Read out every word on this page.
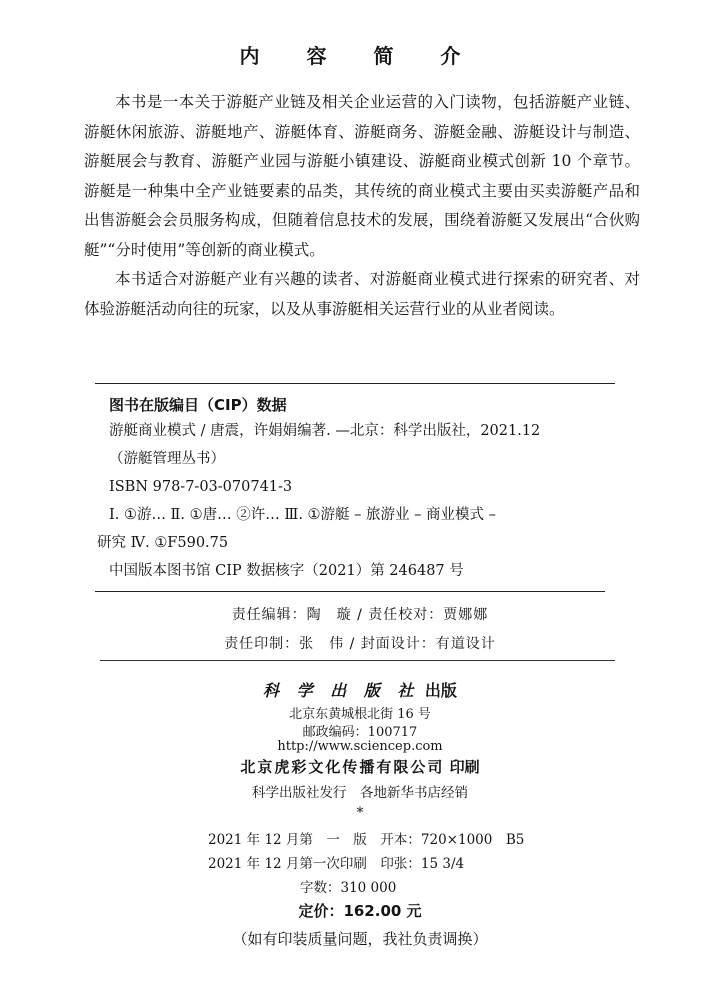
内 容 简 介

本书是一本关于游艇产业链及相关企业运营的入门读物，包括游艇产业链、游艇休闲旅游、游艇地产、游艇体育、游艇商务、游艇金融、游艇设计与制造、游艇展会与教育、游艇产业园与游艇小镇建设、游艇商业模式创新 10 个章节。游艇是一种集中全产业链要素的品类，其传统的商业模式主要由买卖游艇产品和出售游艇会会员服务构成，但随着信息技术的发展，围绕着游艇又发展出“合伙购艇”“分时使用”等创新的商业模式。

本书适合对游艇产业有兴趣的读者、对游艇商业模式进行探索的研究者、对体验游艇活动向往的玩家，以及从事游艇相关运营行业的从业者阅读。

图书在版编目（CIP）数据
游艇商业模式 / 唐震，许娟娟编著. —北京：科学出版社，2021.12
（游艇管理丛书）
ISBN 978-7-03-070741-3
Ⅰ. ①游… Ⅱ. ①唐… ②许… Ⅲ. ①游艇 – 旅游业 – 商业模式 –
研究 Ⅳ. ①F590.75
中国版本图书馆 CIP 数据核字（2021）第 246487 号
责任编辑：陶　璇 / 责任校对：贾娜娜
责任印制：张　伟 / 封面设计：有道设计
科 学 出 版 社 出版
北京东黄城根北街 16 号
邮政编码：100717
http://www.sciencep.com
北京虎彩文化传播有限公司 印刷
科学出版社发行　各地新华书店经销
*
2021 年 12 月第　一　版　开本：720×1000　B5
2021 年 12 月第一次印刷　印张：15 3/4
字数：310 000
定价：162.00 元
（如有印装质量问题，我社负责调换）
